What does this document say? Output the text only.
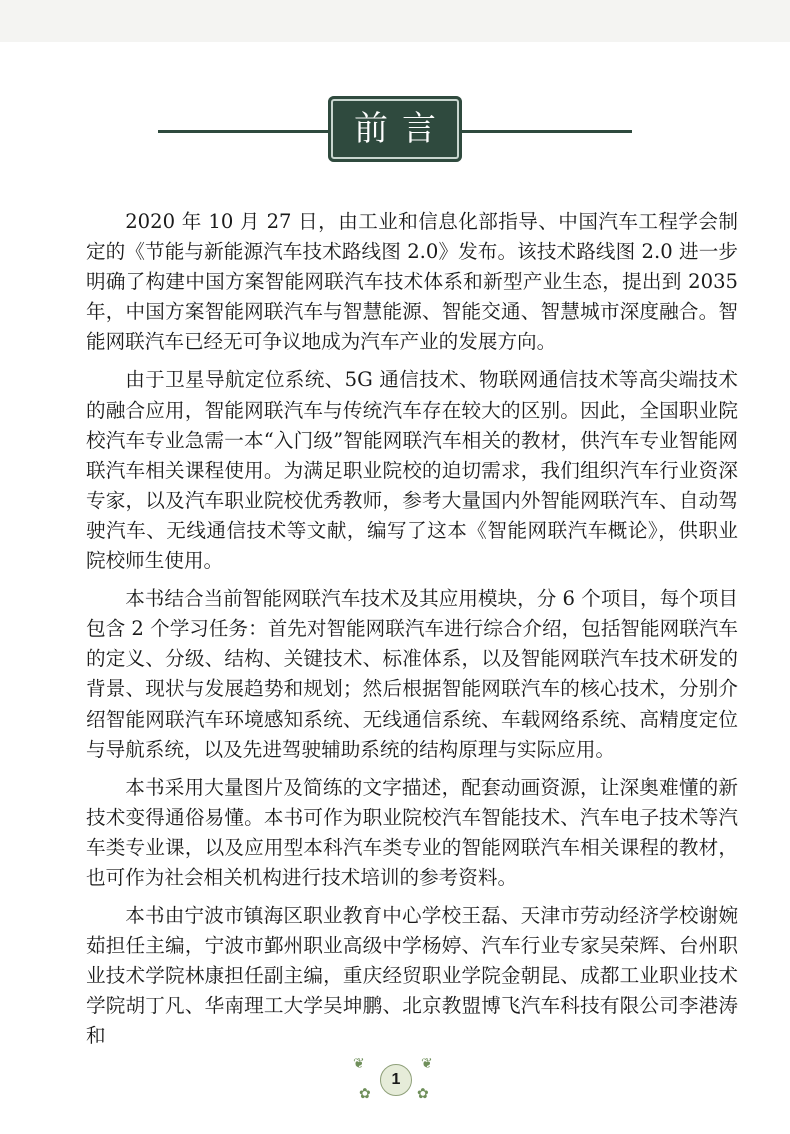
前言

2020 年 10 月 27 日，由工业和信息化部指导、中国汽车工程学会制定的《节能与新能源汽车技术路线图 2.0》发布。该技术路线图 2.0 进一步明确了构建中国方案智能网联汽车技术体系和新型产业生态，提出到 2035 年，中国方案智能网联汽车与智慧能源、智能交通、智慧城市深度融合。智能网联汽车已经无可争议地成为汽车产业的发展方向。

由于卫星导航定位系统、5G 通信技术、物联网通信技术等高尖端技术的融合应用，智能网联汽车与传统汽车存在较大的区别。因此，全国职业院校汽车专业急需一本“入门级”智能网联汽车相关的教材，供汽车专业智能网联汽车相关课程使用。为满足职业院校的迫切需求，我们组织汽车行业资深专家，以及汽车职业院校优秀教师，参考大量国内外智能网联汽车、自动驾驶汽车、无线通信技术等文献，编写了这本《智能网联汽车概论》，供职业院校师生使用。

本书结合当前智能网联汽车技术及其应用模块，分 6 个项目，每个项目包含 2 个学习任务：首先对智能网联汽车进行综合介绍，包括智能网联汽车的定义、分级、结构、关键技术、标准体系，以及智能网联汽车技术研发的背景、现状与发展趋势和规划；然后根据智能网联汽车的核心技术，分别介绍智能网联汽车环境感知系统、无线通信系统、车载网络系统、高精度定位与导航系统，以及先进驾驶辅助系统的结构原理与实际应用。

本书采用大量图片及简练的文字描述，配套动画资源，让深奥难懂的新技术变得通俗易懂。本书可作为职业院校汽车智能技术、汽车电子技术等汽车类专业课，以及应用型本科汽车类专业的智能网联汽车相关课程的教材，也可作为社会相关机构进行技术培训的参考资料。

本书由宁波市镇海区职业教育中心学校王磊、天津市劳动经济学校谢婉茹担任主编，宁波市鄞州职业高级中学杨婷、汽车行业专家吴荣辉、台州职业技术学院林康担任副主编，重庆经贸职业学院金朝昆、成都工业职业技术学院胡丁凡、华南理工大学吴坤鹏、北京教盟博飞汽车科技有限公司李港涛和

❦	❦
✿	✿
1
